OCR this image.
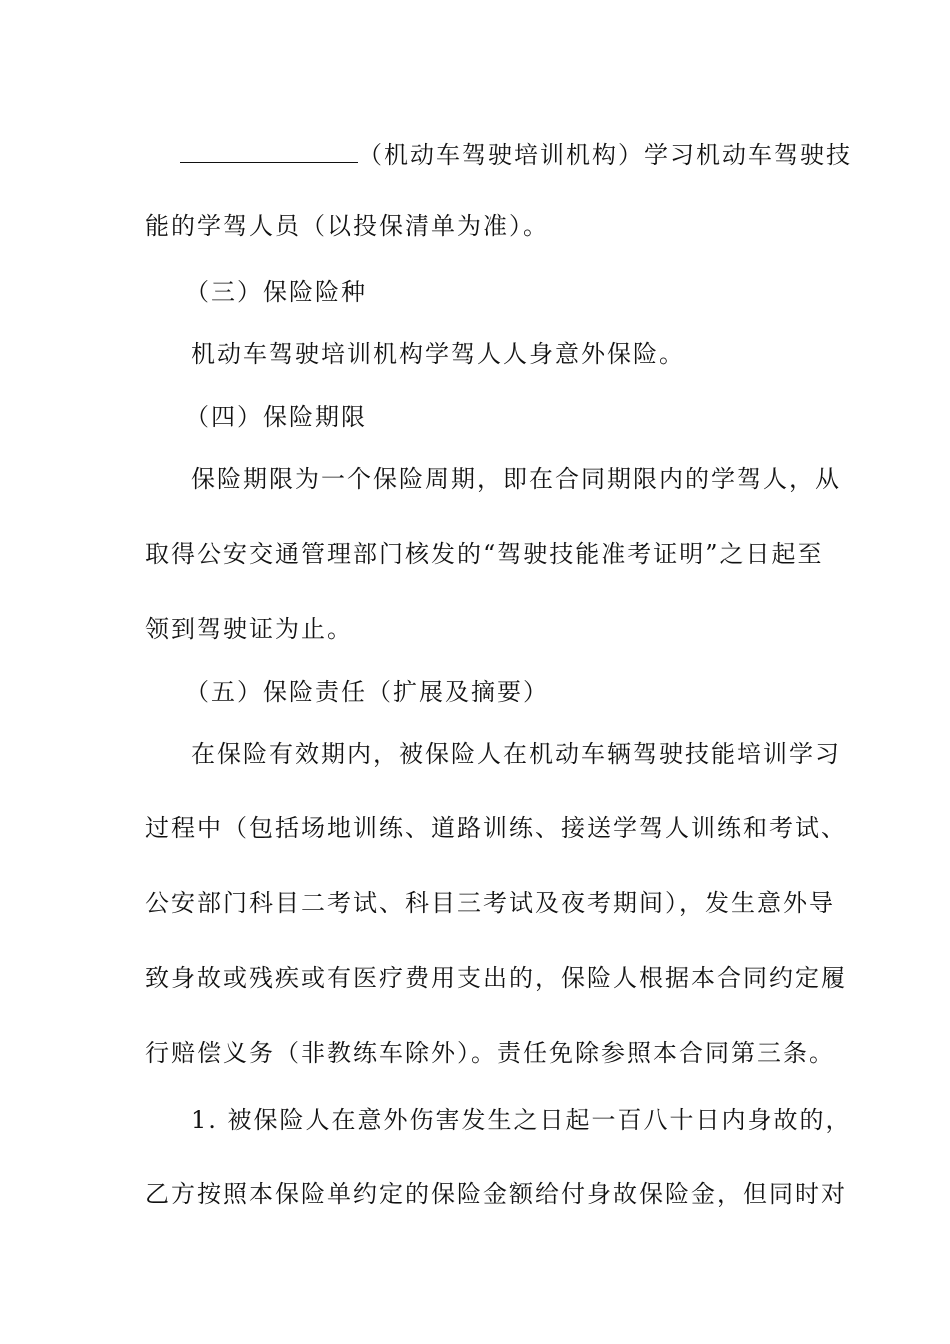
（机动车驾驶培训机构）学习机动车驾驶技
能的学驾人员（以投保清单为准）。
（三）保险险种
机动车驾驶培训机构学驾人人身意外保险。
（四）保险期限
保险期限为一个保险周期，即在合同期限内的学驾人，从
取得公安交通管理部门核发的“驾驶技能准考证明”之日起至
领到驾驶证为止。
（五）保险责任（扩展及摘要）
在保险有效期内，被保险人在机动车辆驾驶技能培训学习
过程中（包括场地训练、道路训练、接送学驾人训练和考试、
公安部门科目二考试、科目三考试及夜考期间），发生意外导
致身故或残疾或有医疗费用支出的，保险人根据本合同约定履
行赔偿义务（非教练车除外）。责任免除参照本合同第三条。
1. 被保险人在意外伤害发生之日起一百八十日内身故的，
乙方按照本保险单约定的保险金额给付身故保险金，但同时对
